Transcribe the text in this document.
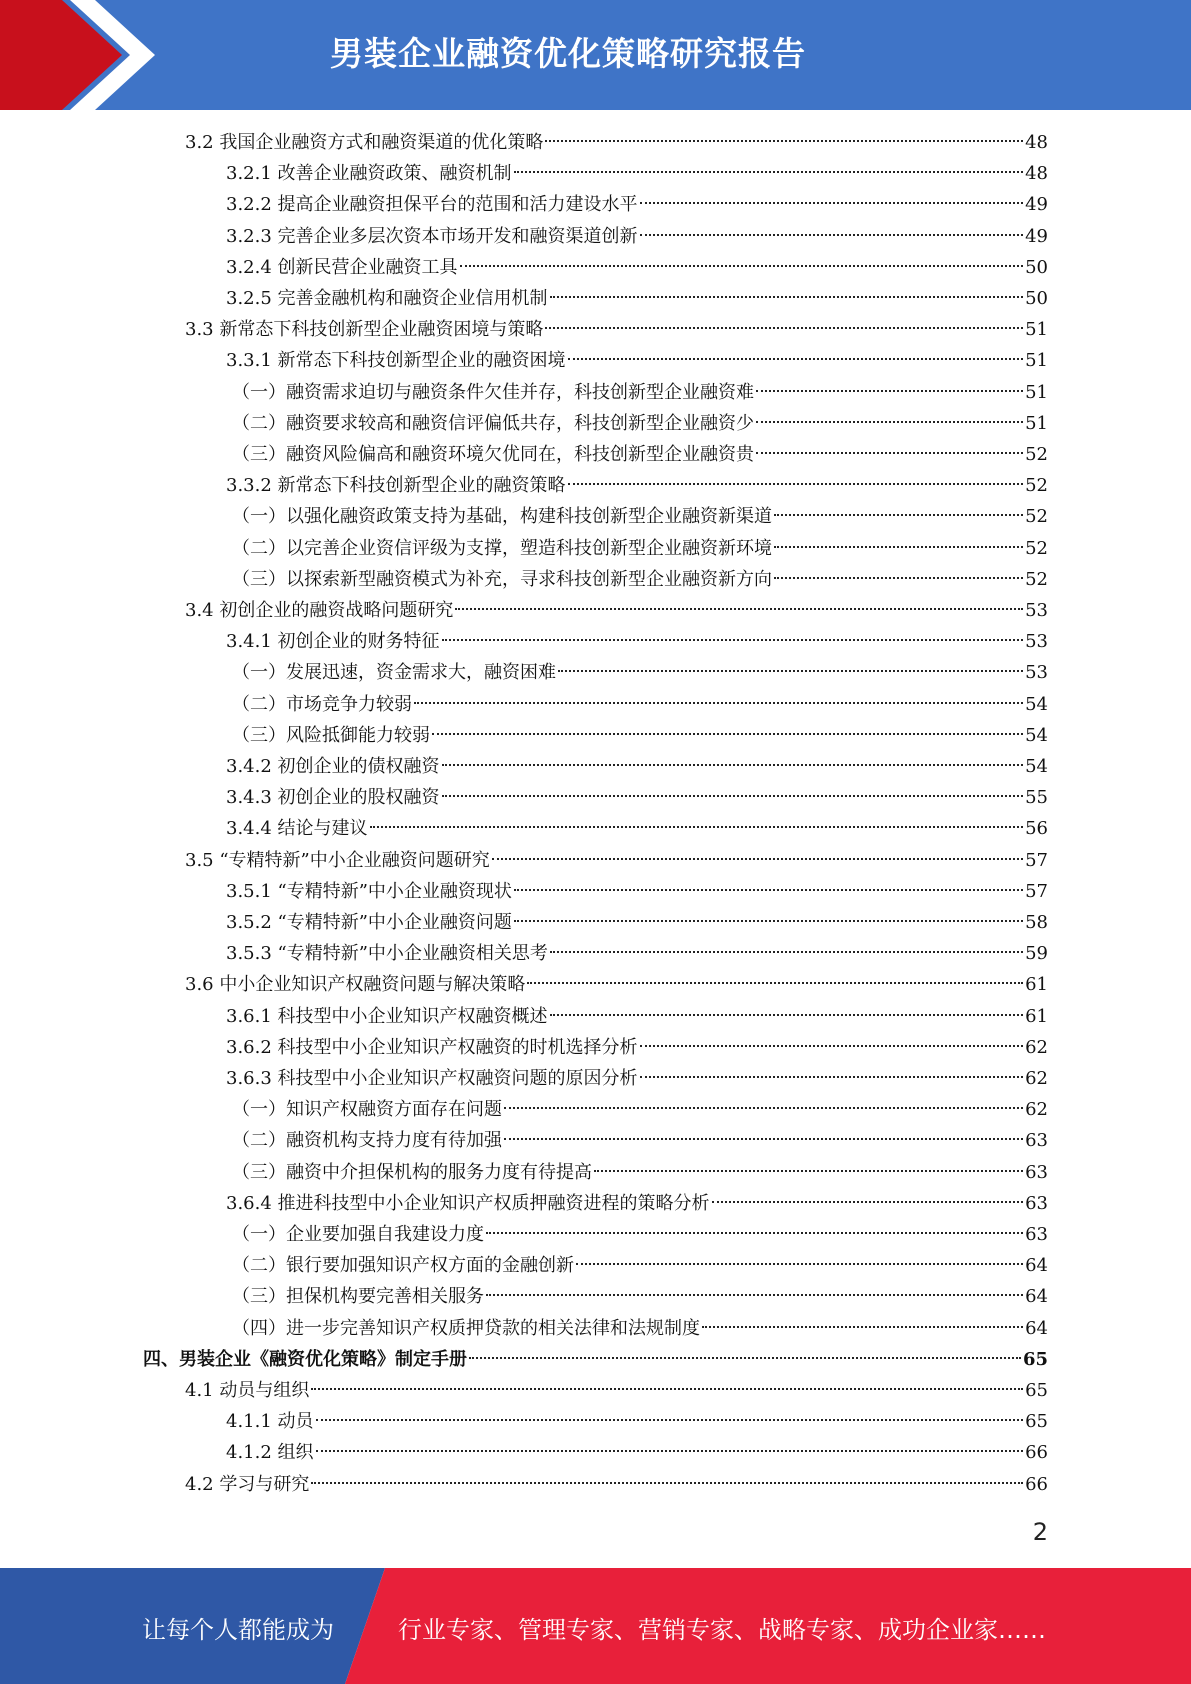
男装企业融资优化策略研究报告
3.2 我国企业融资方式和融资渠道的优化策略	48
3.2.1 改善企业融资政策、融资机制	48
3.2.2 提高企业融资担保平台的范围和活力建设水平	49
3.2.3 完善企业多层次资本市场开发和融资渠道创新	49
3.2.4 创新民营企业融资工具	50
3.2.5 完善金融机构和融资企业信用机制	50
3.3 新常态下科技创新型企业融资困境与策略	51
3.3.1 新常态下科技创新型企业的融资困境	51
（一）融资需求迫切与融资条件欠佳并存，科技创新型企业融资难	51
（二）融资要求较高和融资信评偏低共存，科技创新型企业融资少	51
（三）融资风险偏高和融资环境欠优同在，科技创新型企业融资贵	52
3.3.2 新常态下科技创新型企业的融资策略	52
（一）以强化融资政策支持为基础，构建科技创新型企业融资新渠道	52
（二）以完善企业资信评级为支撑，塑造科技创新型企业融资新环境	52
（三）以探索新型融资模式为补充，寻求科技创新型企业融资新方向	52
3.4 初创企业的融资战略问题研究	53
3.4.1 初创企业的财务特征	53
（一）发展迅速，资金需求大，融资困难	53
（二）市场竞争力较弱	54
（三）风险抵御能力较弱	54
3.4.2 初创企业的债权融资	54
3.4.3 初创企业的股权融资	55
3.4.4 结论与建议	56
3.5 “专精特新”中小企业融资问题研究	57
3.5.1 “专精特新”中小企业融资现状	57
3.5.2 “专精特新”中小企业融资问题	58
3.5.3 “专精特新”中小企业融资相关思考	59
3.6 中小企业知识产权融资问题与解决策略	61
3.6.1 科技型中小企业知识产权融资概述	61
3.6.2 科技型中小企业知识产权融资的时机选择分析	62
3.6.3 科技型中小企业知识产权融资问题的原因分析	62
（一）知识产权融资方面存在问题	62
（二）融资机构支持力度有待加强	63
（三）融资中介担保机构的服务力度有待提高	63
3.6.4 推进科技型中小企业知识产权质押融资进程的策略分析	63
（一）企业要加强自我建设力度	63
（二）银行要加强知识产权方面的金融创新	64
（三）担保机构要完善相关服务	64
（四）进一步完善知识产权质押贷款的相关法律和法规制度	64
四、男装企业《融资优化策略》制定手册	65
4.1 动员与组织	65
4.1.1 动员	65
4.1.2 组织	66
4.2 学习与研究	66
2
让每个人都能成为	行业专家、管理专家、营销专家、战略专家、成功企业家……
